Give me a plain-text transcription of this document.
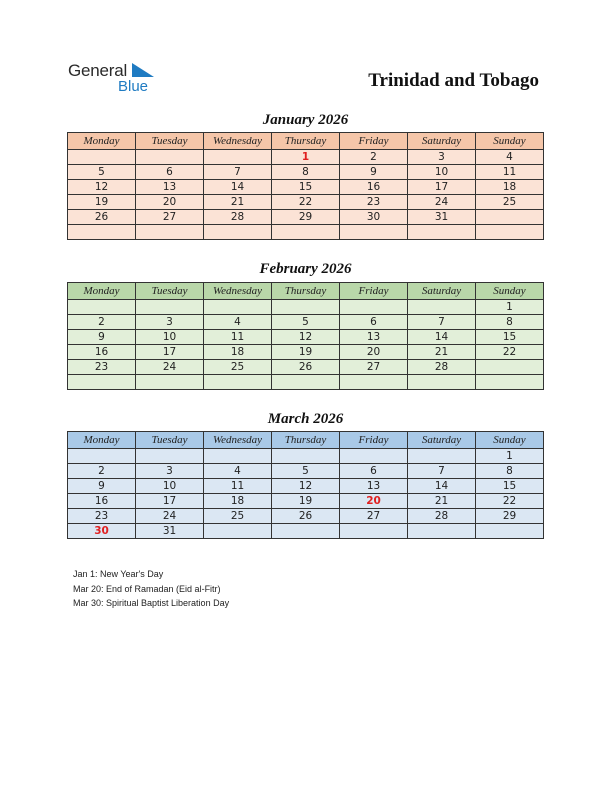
General
Blue	Trinidad and Tobago
January 2026
Monday	Tuesday	Wednesday	Thursday	Friday	Saturday	Sunday
			1	2	3	4
5	6	7	8	9	10	11
12	13	14	15	16	17	18
19	20	21	22	23	24	25
26	27	28	29	30	31	

February 2026
Monday	Tuesday	Wednesday	Thursday	Friday	Saturday	Sunday
						1
2	3	4	5	6	7	8
9	10	11	12	13	14	15
16	17	18	19	20	21	22
23	24	25	26	27	28	

March 2026
Monday	Tuesday	Wednesday	Thursday	Friday	Saturday	Sunday
						1
2	3	4	5	6	7	8
9	10	11	12	13	14	15
16	17	18	19	20	21	22
23	24	25	26	27	28	29
30	31					
Jan 1: New Year's Day
Mar 20: End of Ramadan (Eid al-Fitr)
Mar 30: Spiritual Baptist Liberation Day
